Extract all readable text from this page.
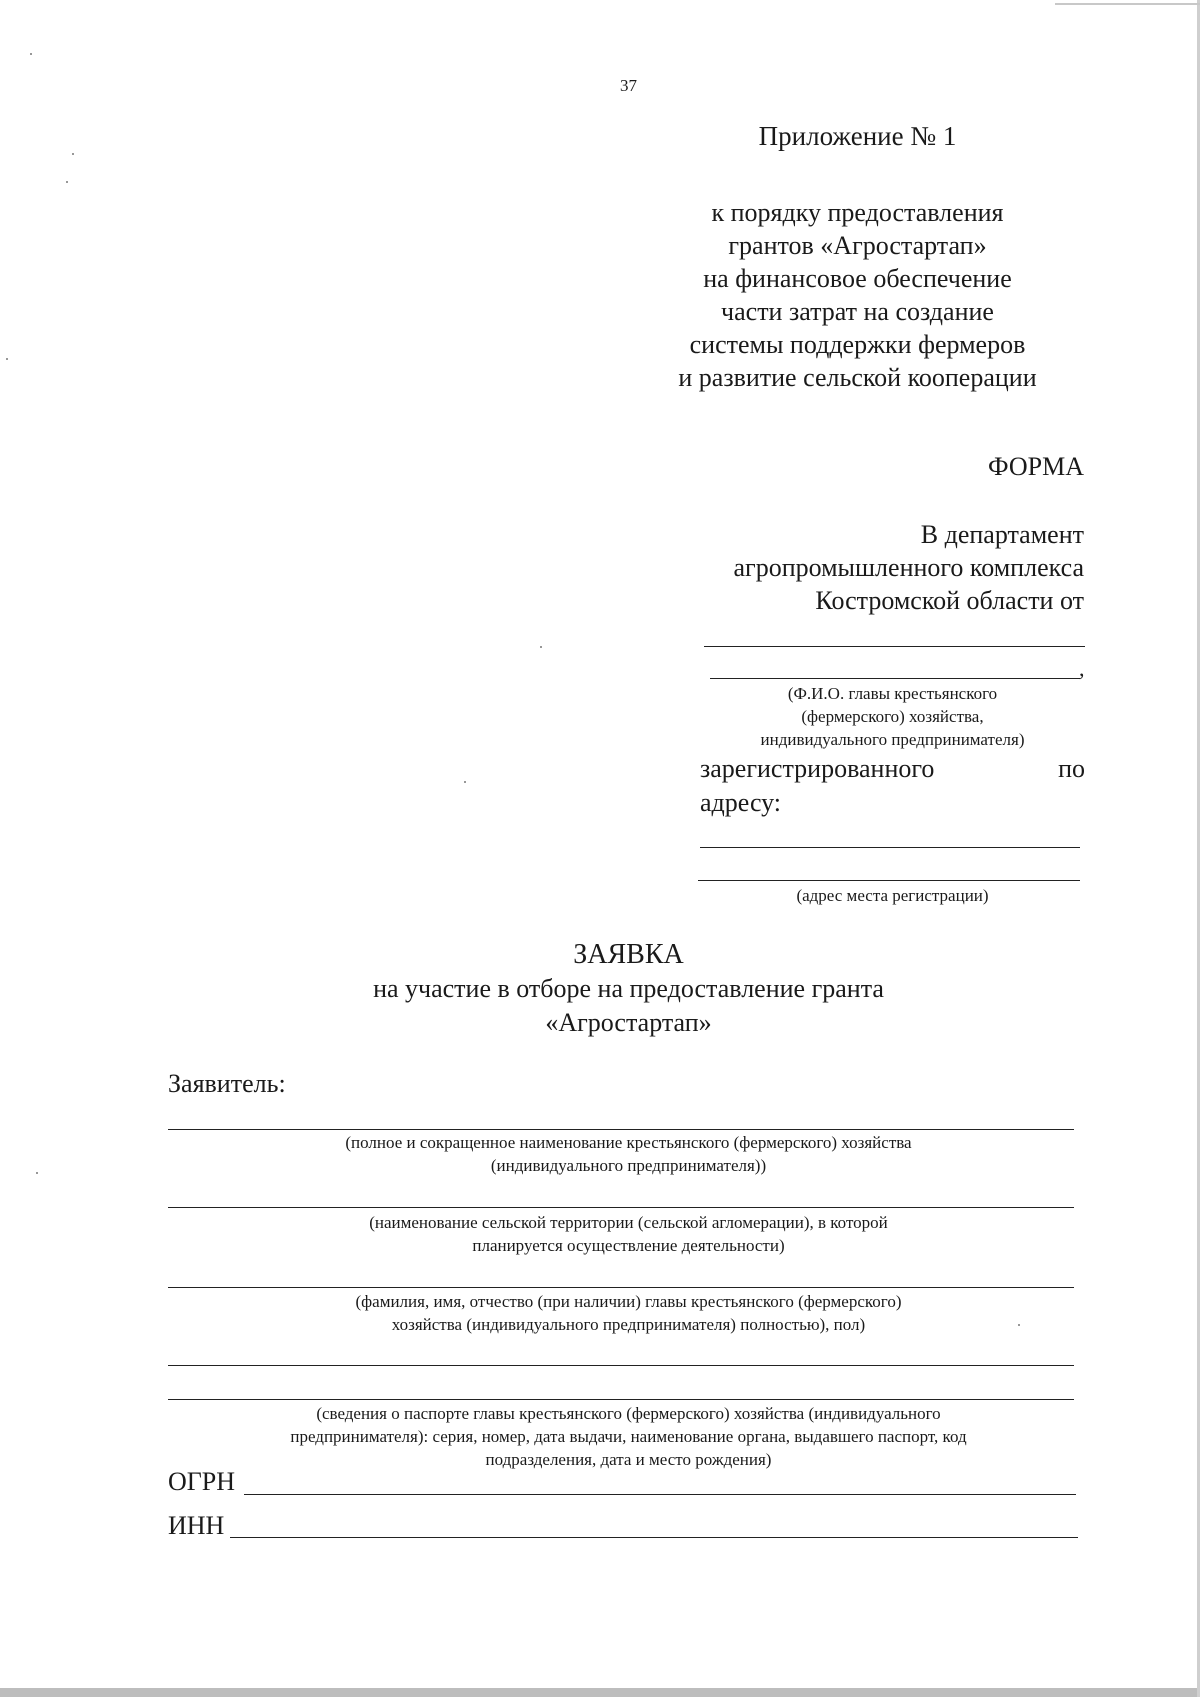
37
Приложение № 1
к порядку предоставления
грантов «Агростартап»
на финансовое обеспечение
части затрат на создание
системы поддержки фермеров
и развитие сельской кооперации
ФОРМА
В департамент
агропромышленного комплекса
Костромской области от
,
(Ф.И.О. главы крестьянского
(фермерского) хозяйства,
индивидуального предпринимателя)
зарегистрированного	по
адресу:
(адрес места регистрации)
ЗАЯВКА
на участие в отборе на предоставление гранта
«Агростартап»
Заявитель:
(полное и сокращенное наименование крестьянского (фермерского) хозяйства
(индивидуального предпринимателя))
(наименование сельской территории (сельской агломерации), в которой
планируется осуществление деятельности)
(фамилия, имя, отчество (при наличии) главы крестьянского (фермерского)
хозяйства (индивидуального предпринимателя) полностью), пол)
(сведения о паспорте главы крестьянского (фермерского) хозяйства (индивидуального
предпринимателя): серия, номер, дата выдачи, наименование органа, выдавшего паспорт, код
подразделения, дата и место рождения)
ОГРН
ИНН
